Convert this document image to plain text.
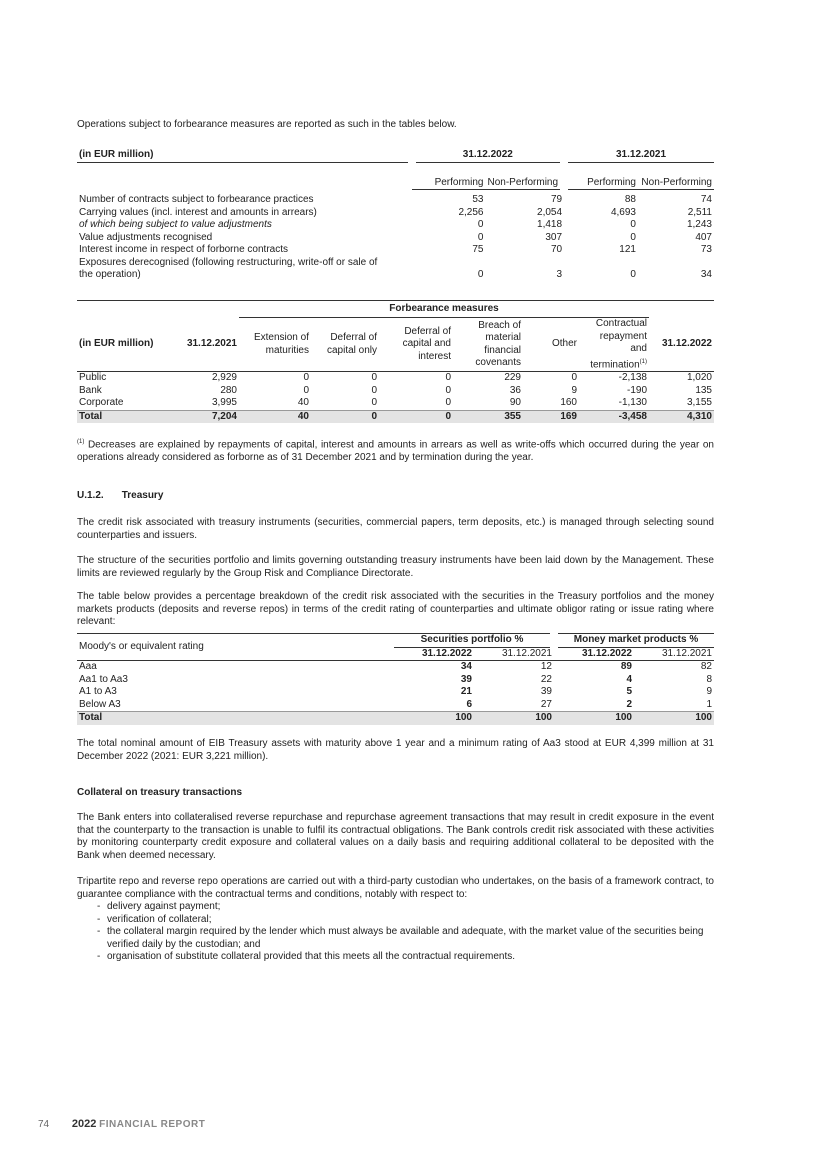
Operations subject to forbearance measures are reported as such in the tables below.

(in EUR million)	31.12.2022		31.12.2021	

	Performing	Non-Performing	Performing	Non-Performing

Number of contracts subject to forbearance practices	53	79	88	74
Carrying values (incl. interest and amounts in arrears)	2,256	2,054	4,693	2,511
of which being subject to value adjustments	0	1,418	0	1,243
Value adjustments recognised	0	307	0	407
Interest income in respect of forborne contracts	75	70	121	73
Exposures derecognised (following restructuring, write-off or sale of the operation)	0	3	0	34
		Forbearance measures						
(in EUR million)	31.12.2021	Extension of maturities	Deferral of capital only	Deferral of capital and interest	Breach of material financial covenants	Other	Contractual repayment and termination$^{(1)}$	31.12.2022
Public	2,929	0	0	0	229	0	-2,138	1,020
Bank	280	0	0	0	36	9	-190	135
Corporate	3,995	40	0	0	90	160	-1,130	3,155
Total	7,204	40	0	0	355	169	-3,458	4,310

$^{(1)}$ Decreases are explained by repayments of capital, interest and amounts in arrears as well as write-offs which occurred during the year on operations already considered as forborne as of 31 December 2021 and by termination during the year.

U.1.2. Treasury

The credit risk associated with treasury instruments (securities, commercial papers, term deposits, etc.) is managed through selecting sound counterparties and issuers.

The structure of the securities portfolio and limits governing outstanding treasury instruments have been laid down by the Management. These limits are reviewed regularly by the Group Risk and Compliance Directorate.

The table below provides a percentage breakdown of the credit risk associated with the securities in the Treasury portfolios and the money markets products (deposits and reverse repos) in terms of the credit rating of counterparties and ultimate obligor rating or issue rating where relevant:

Moody's or equivalent rating	Securities portfolio %		Money market products %	
	31.12.2022	31.12.2021	31.12.2022	31.12.2021
Aaa	34	12	89	82
Aa1 to Aa3	39	22	4	8
A1 to A3	21	39	5	9
Below A3	6	27	2	1
Total	100	100	100	100

The total nominal amount of EIB Treasury assets with maturity above 1 year and a minimum rating of Aa3 stood at EUR 4,399 million at 31 December 2022 (2021: EUR 3,221 million).

Collateral on treasury transactions

The Bank enters into collateralised reverse repurchase and repurchase agreement transactions that may result in credit exposure in the event that the counterparty to the transaction is unable to fulfil its contractual obligations. The Bank controls credit risk associated with these activities by monitoring counterparty credit exposure and collateral values on a daily basis and requiring additional collateral to be deposited with the Bank when deemed necessary.

Tripartite repo and reverse repo operations are carried out with a third-party custodian who undertakes, on the basis of a framework contract, to guarantee compliance with the contractual terms and conditions, notably with respect to:

- delivery against payment;
- verification of collateral;
- the collateral margin required by the lender which must always be available and adequate, with the market value of the securities being verified daily by the custodian; and
- organisation of substitute collateral provided that this meets all the contractual requirements.
74 2022 FINANCIAL REPORT
